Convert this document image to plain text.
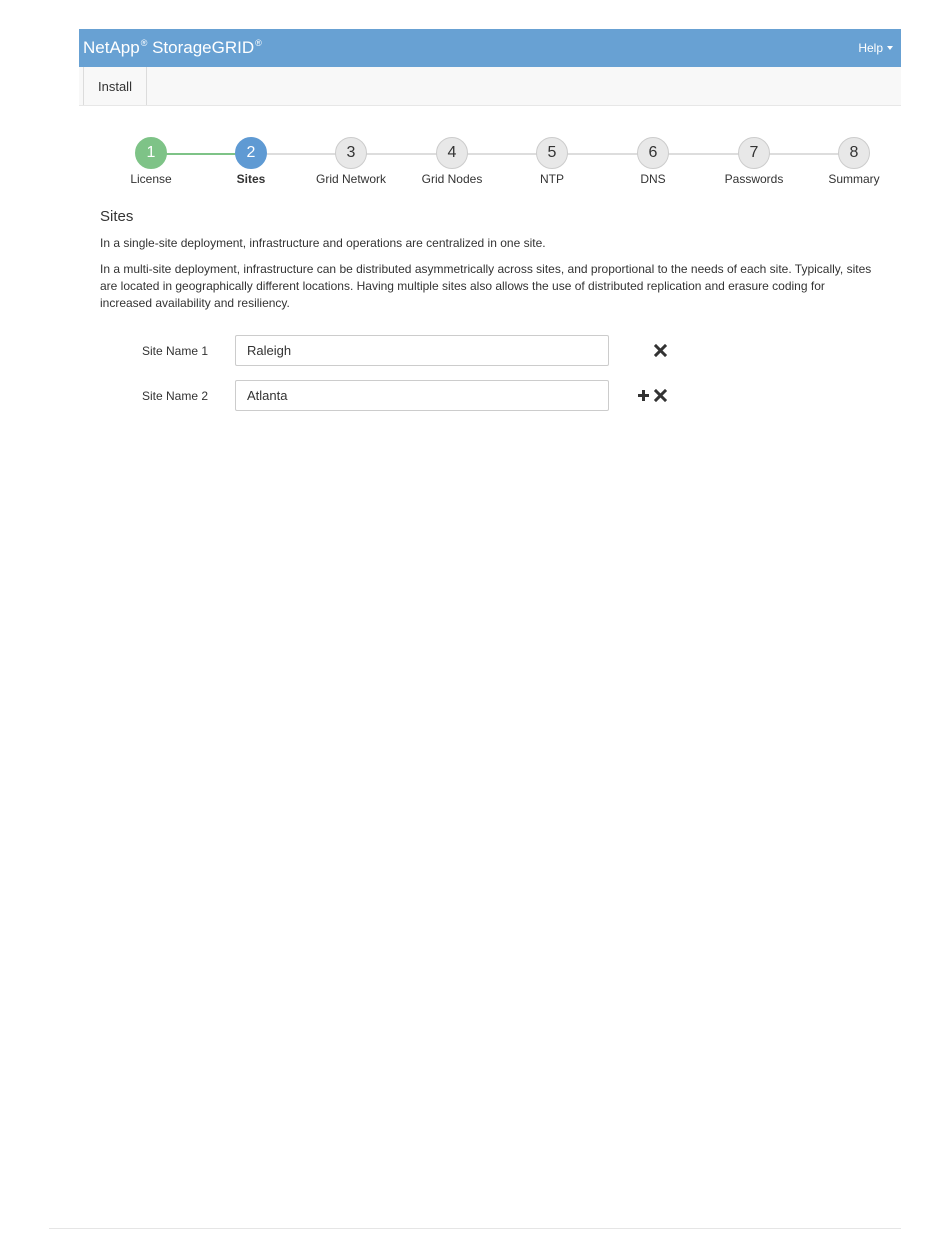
NetApp® StorageGRID®	Help
Install
1
License
2
Sites
3
Grid Network
4
Grid Nodes
5
NTP
6
DNS
7
Passwords
8
Summary
Sites

In a single-site deployment, infrastructure and operations are centralized in one site.

In a multi-site deployment, infrastructure can be distributed asymmetrically across sites, and proportional to the needs of each site. Typically, sites are located in geographically different locations. Having multiple sites also allows the use of distributed replication and erasure coding for increased availability and resiliency.

Site Name 1
Raleigh
Site Name 2
Atlanta
